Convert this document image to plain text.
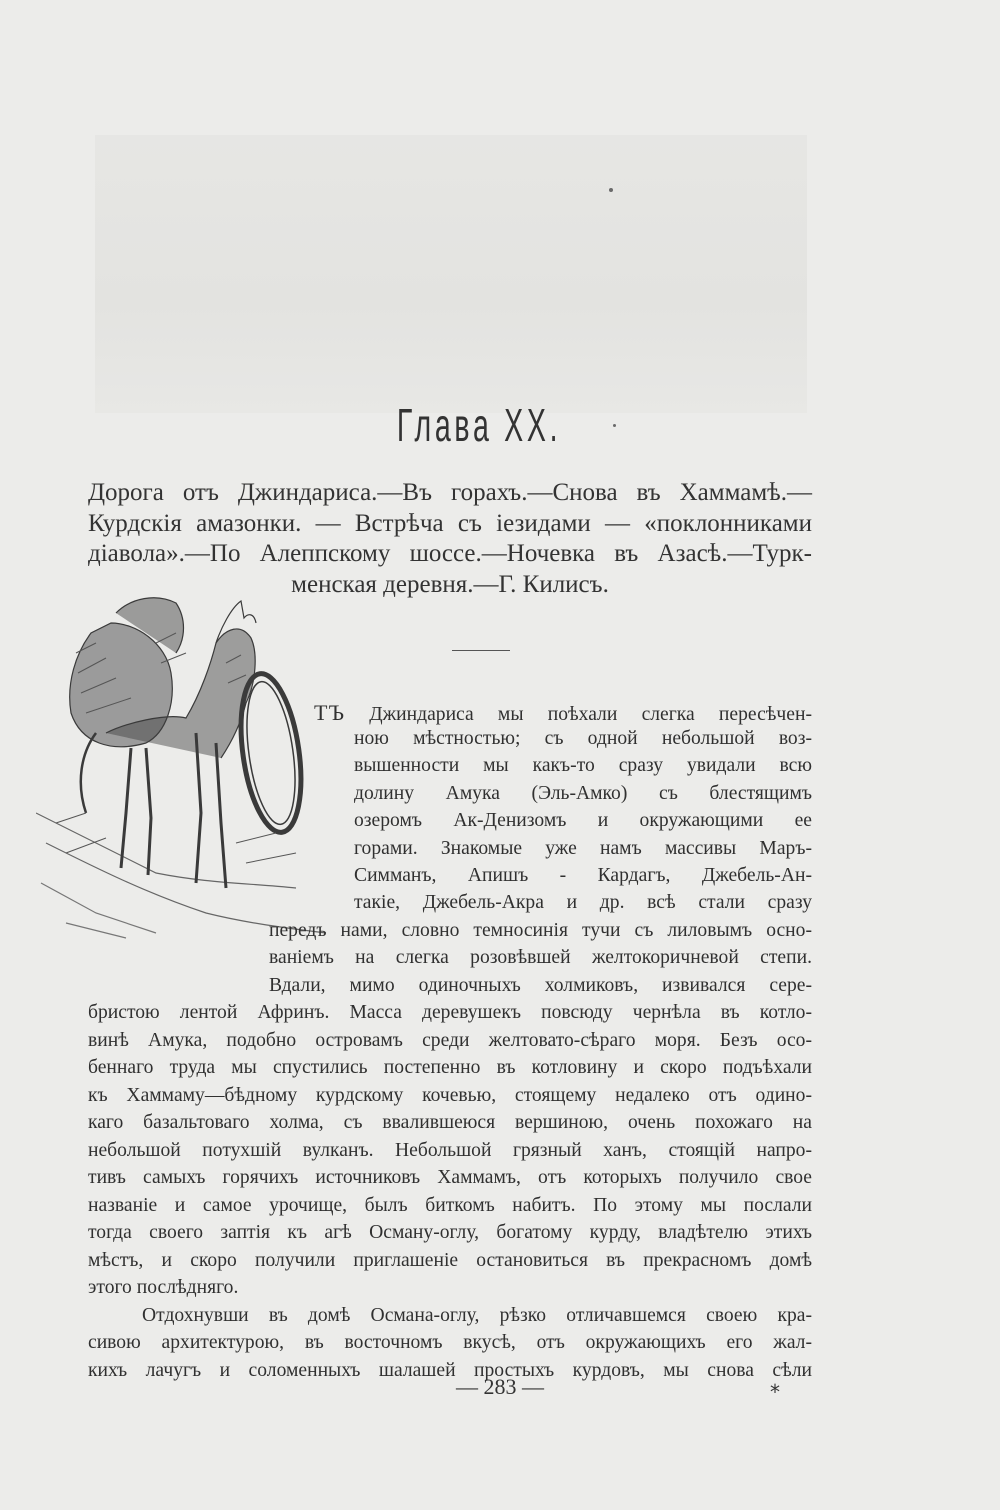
Глава XX.
Дорога отъ Джиндариса.—Въ горахъ.—Снова въ Хаммамѣ.—
Курдскія амазонки. — Встрѣча съ іезидами — «поклонниками
діавола».—По Алеппскому шоссе.—Ночевка въ Азасѣ.—Турк-
менская деревня.—Г. Килисъ.
ТЪ Джиндариса мы поѣхали слегка пересѣчен-
ною мѣстностью; съ одной небольшой воз-
вышенности мы какъ-то сразу увидали всю
долину Амука (Эль-Амко) съ блестящимъ
озеромъ Ак-Денизомъ и окружающими ее
горами. Знакомые уже намъ массивы Маръ-
Симманъ, Апишъ - Кардагъ, Джебель-Ан-
такіе, Джебель-Акра и др. всѣ стали сразу
передъ нами, словно темносинія тучи съ лиловымъ осно-
ваніемъ на слегка розовѣвшей желтокоричневой степи.
Вдали, мимо одиночныхъ холмиковъ, извивался сере-
бристою лентой Афринъ. Масса деревушекъ повсюду чернѣла въ котло-
винѣ Амука, подобно островамъ среди желтовато-сѣраго моря. Безъ осо-
беннаго труда мы спустились постепенно въ котловину и скоро подъѣхали
къ Хаммаму—бѣдному курдскому кочевью, стоящему недалеко отъ одино-
каго базальтоваго холма, съ ввалившеюся вершиною, очень похожаго на
небольшой потухшій вулканъ. Небольшой грязный ханъ, стоящій напро-
тивъ самыхъ горячихъ источниковъ Хаммамъ, отъ которыхъ получило свое
названіе и самое урочище, былъ биткомъ набитъ. По этому мы послали
тогда своего заптія къ агѣ Осману-оглу, богатому курду, владѣтелю этихъ
мѣстъ, и скоро получили приглашеніе остановиться въ прекрасномъ домѣ
этого послѣдняго.
Отдохнувши въ домѣ Османа-оглу, рѣзко отличавшемся своею кра-
сивою архитектурою, въ восточномъ вкусѣ, отъ окружающихъ его жал-
кихъ лачугъ и соломенныхъ шалашей простыхъ курдовъ, мы снова сѣли
— 283 —	*
